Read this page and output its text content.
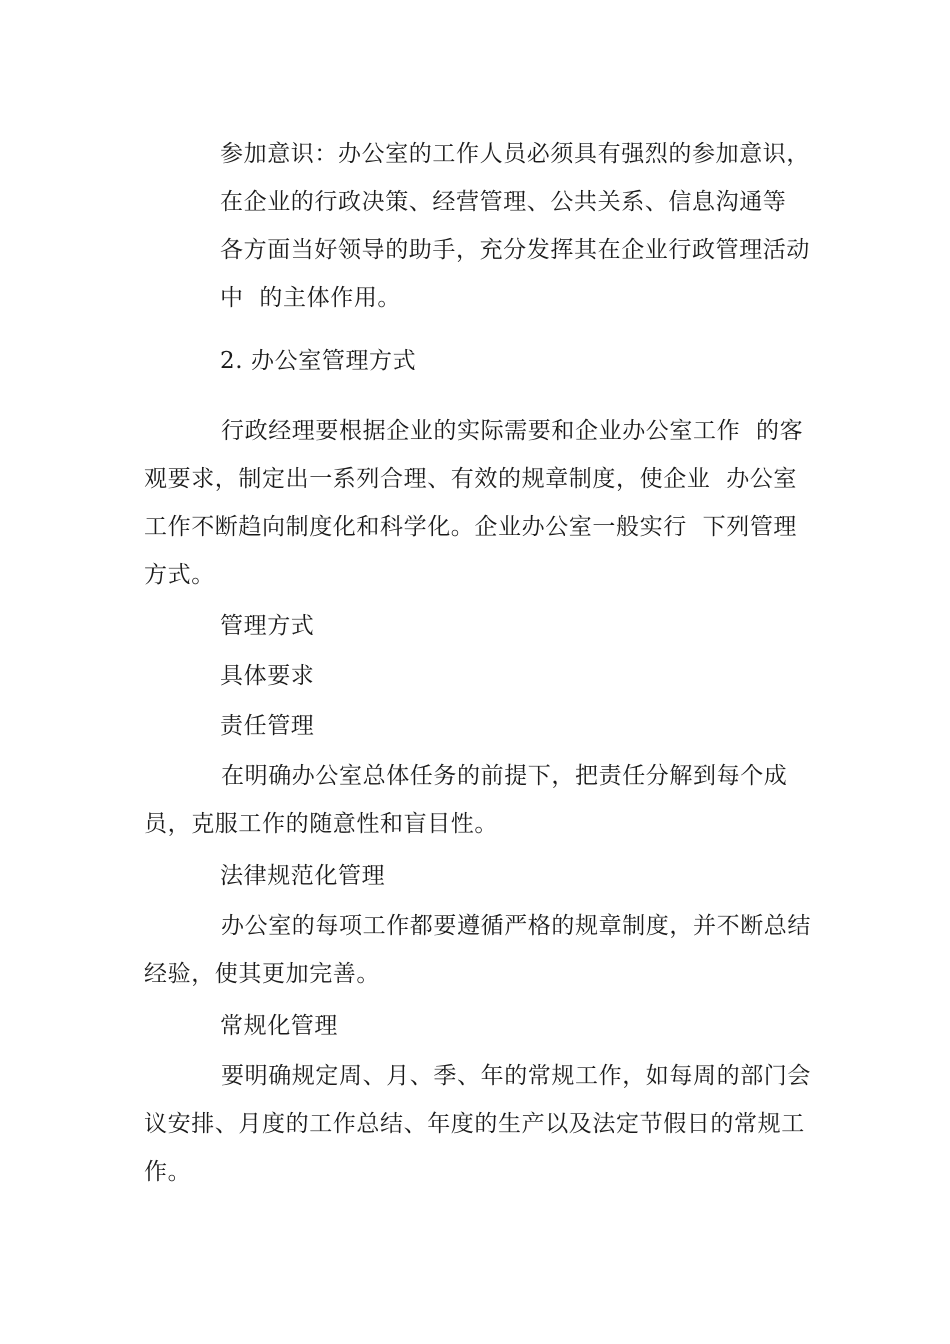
参加意识：办公室的工作人员必须具有强烈的参加意识，在企业的行政决策、经营管理、公共关系、信息沟通等  各方面当好领导的助手，充分发挥其在企业行政管理活动中  的主体作用。

2. 办公室管理方式

行政经理要根据企业的实际需要和企业办公室工作  的客观要求，制定出一系列合理、有效的规章制度，使企业  办公室工作不断趋向制度化和科学化。企业办公室一般实行  下列管理方式。

管理方式

具体要求

责任管理

在明确办公室总体任务的前提下，把责任分解到每个成员，克服工作的随意性和盲目性。

法律规范化管理

办公室的每项工作都要遵循严格的规章制度，并不断总结经验，使其更加完善。

常规化管理

要明确规定周、月、季、年的常规工作，如每周的部门会议安排、月度的工作总结、年度的生产以及法定节假日的常规工作。
